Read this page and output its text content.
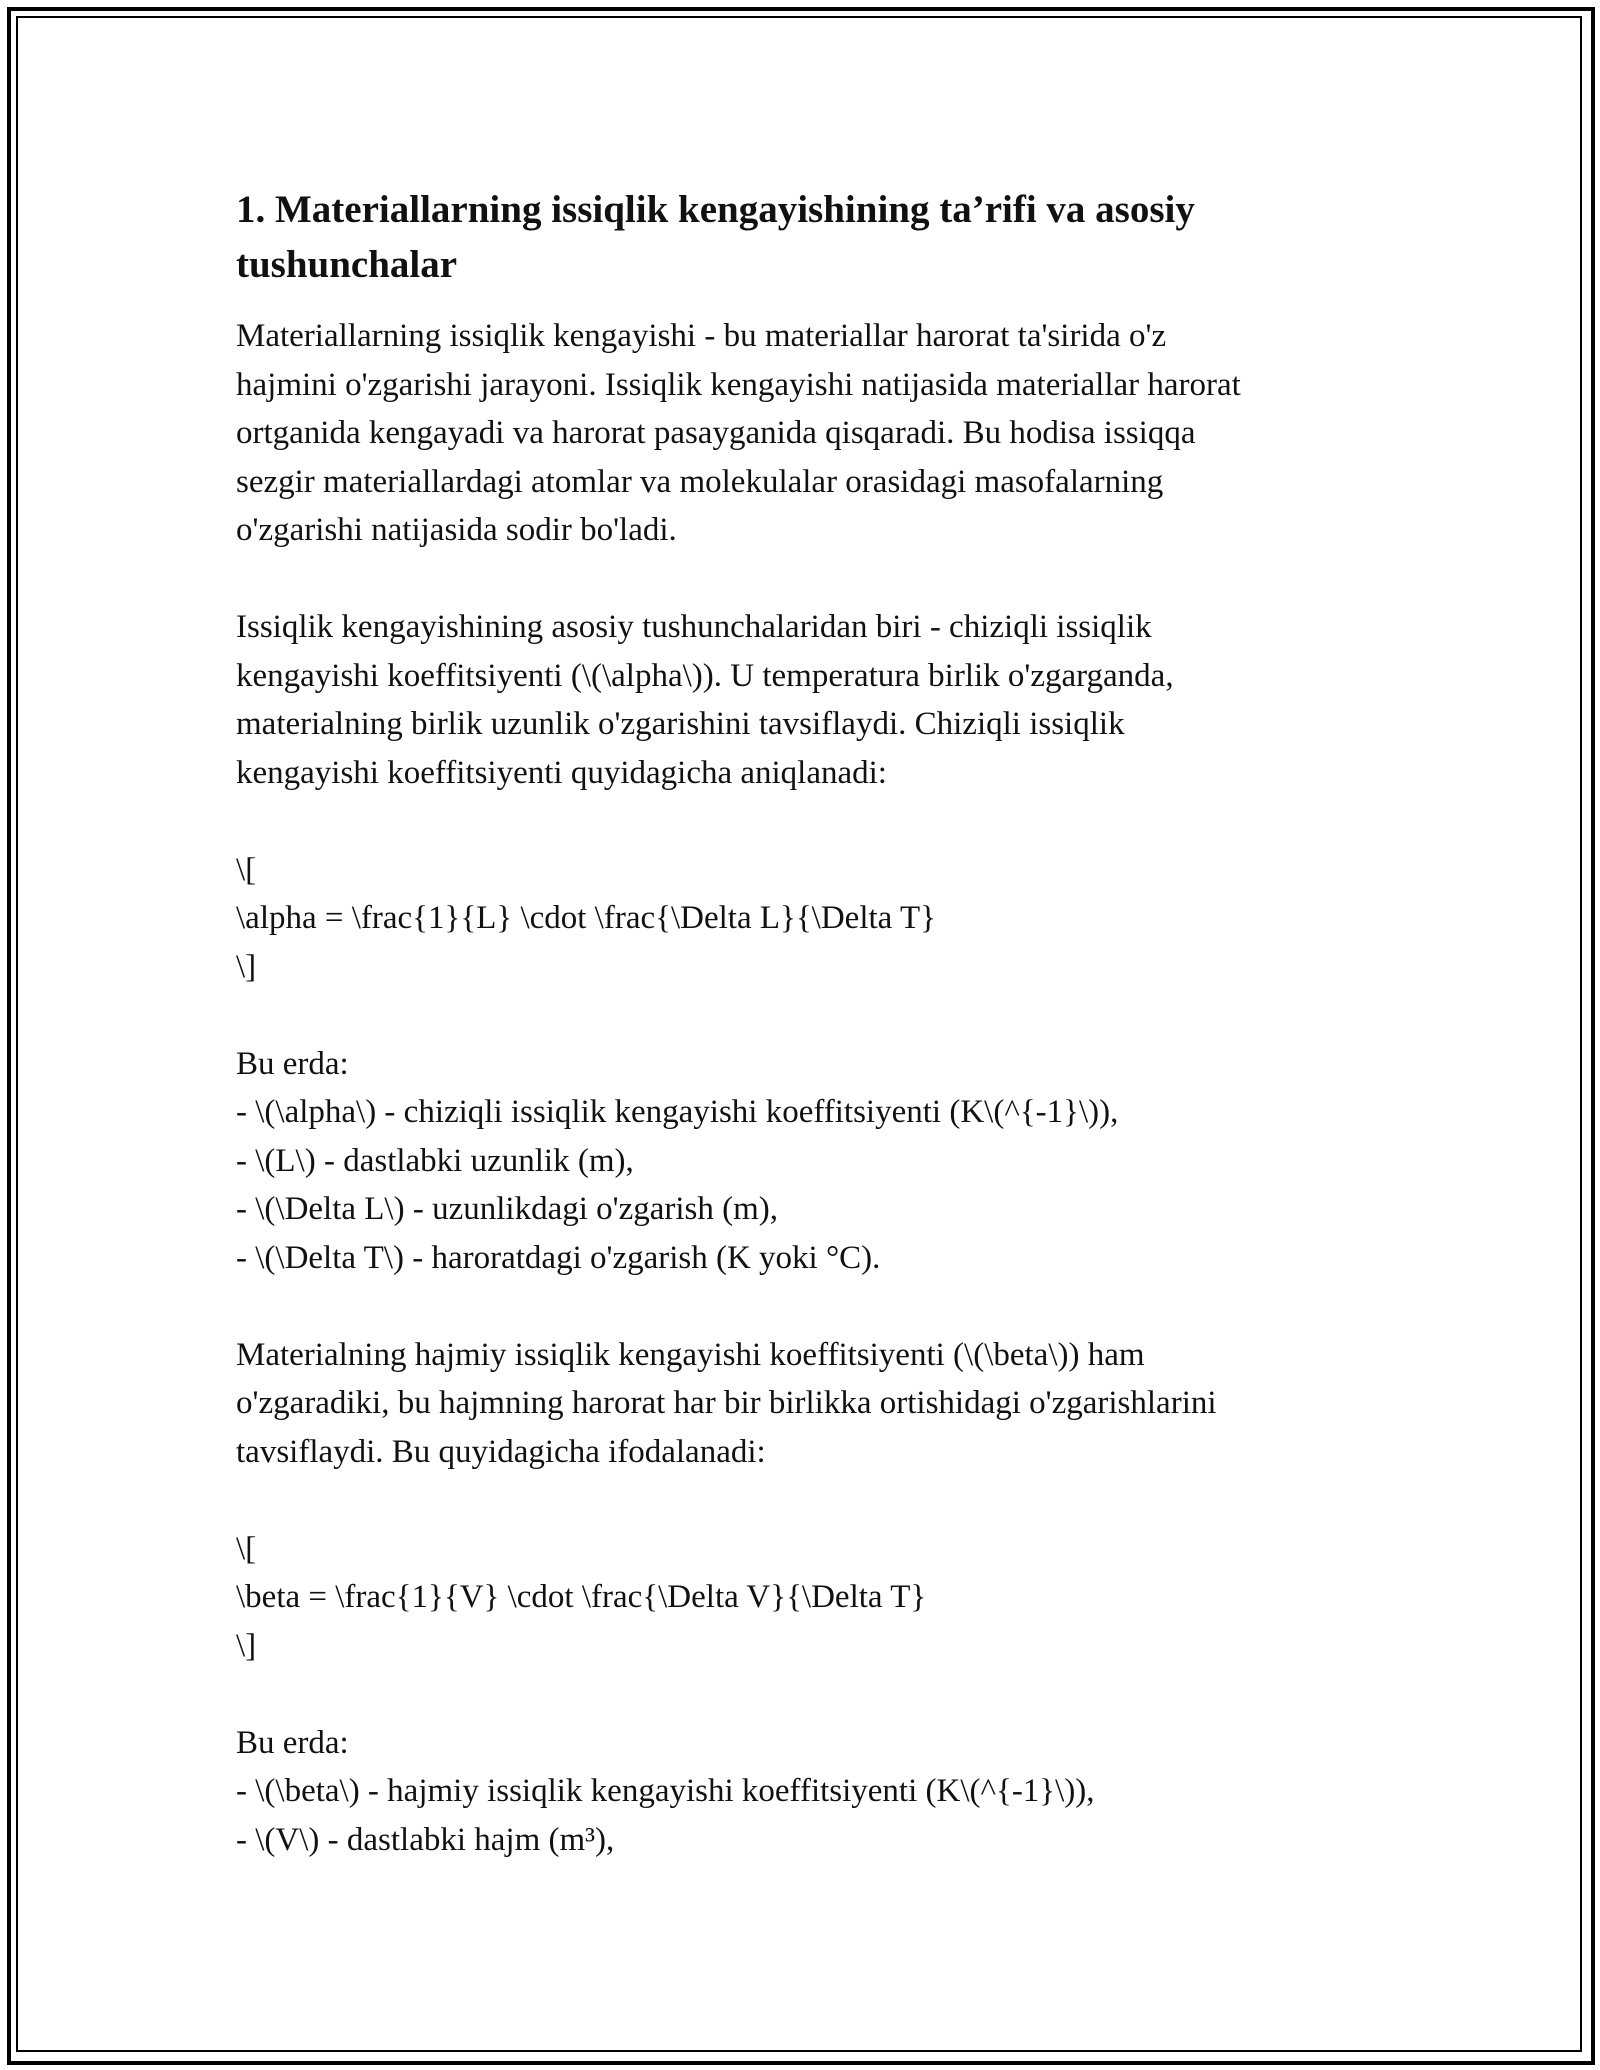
1. Materiallarning issiqlik kengayishining ta’rifi va asosiy tushunchalar

Materiallarning issiqlik kengayishi - bu materiallar harorat ta'sirida o'z
hajmini o'zgarishi jarayoni. Issiqlik kengayishi natijasida materiallar harorat
ortganida kengayadi va harorat pasayganida qisqaradi. Bu hodisa issiqqa
sezgir materiallardagi atomlar va molekulalar orasidagi masofalarning
o'zgarishi natijasida sodir bo'ladi.

Issiqlik kengayishining asosiy tushunchalaridan biri - chiziqli issiqlik
kengayishi koeffitsiyenti (\(\alpha\)). U temperatura birlik o'zgarganda,
materialning birlik uzunlik o'zgarishini tavsiflaydi. Chiziqli issiqlik
kengayishi koeffitsiyenti quyidagicha aniqlanadi:

\[

\alpha = \frac{1}{L} \cdot \frac{\Delta L}{\Delta T}

\]

Bu erda:

- \(\alpha\) - chiziqli issiqlik kengayishi koeffitsiyenti (K\(^{-1}\)),

- \(L\) - dastlabki uzunlik (m),

- \(\Delta L\) - uzunlikdagi o'zgarish (m),

- \(\Delta T\) - haroratdagi o'zgarish (K yoki °C).

Materialning hajmiy issiqlik kengayishi koeffitsiyenti (\(\beta\)) ham
o'zgaradiki, bu hajmning harorat har bir birlikka ortishidagi o'zgarishlarini
tavsiflaydi. Bu quyidagicha ifodalanadi:

\[

\beta = \frac{1}{V} \cdot \frac{\Delta V}{\Delta T}

\]

Bu erda:

- \(\beta\) - hajmiy issiqlik kengayishi koeffitsiyenti (K\(^{-1}\)),

- \(V\) - dastlabki hajm (m³),
